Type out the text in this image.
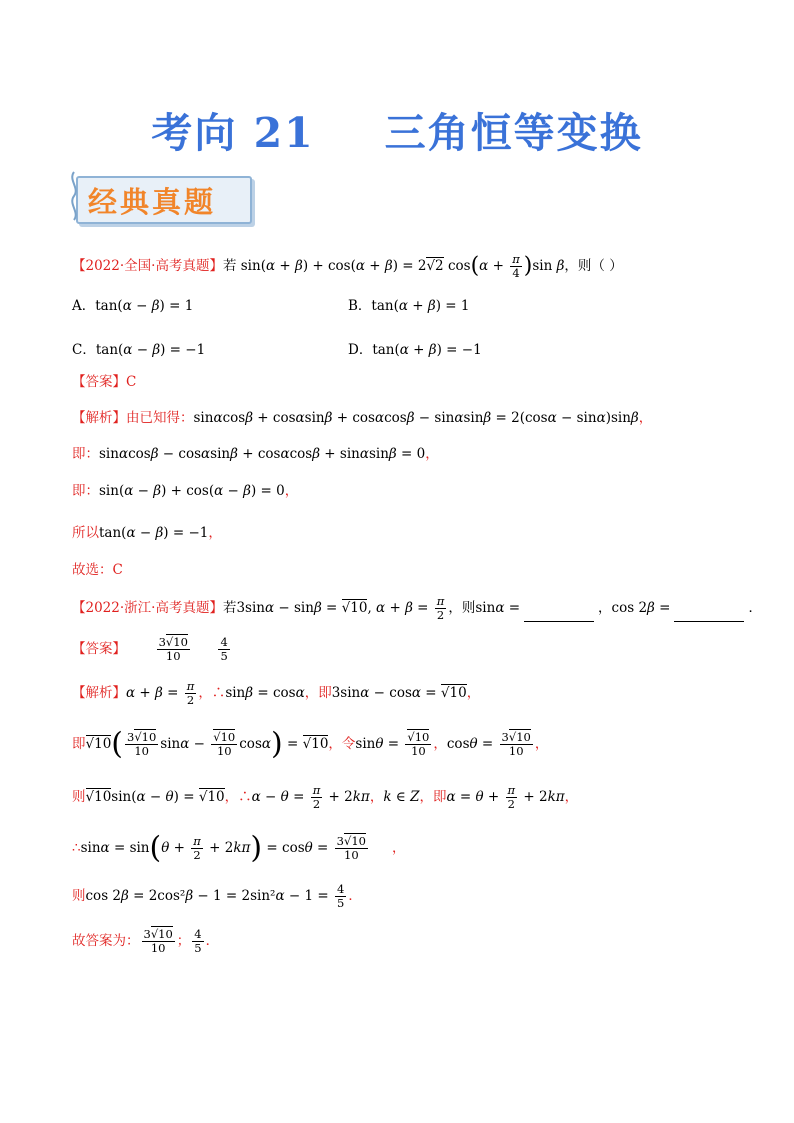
考向 21 三角恒等变换
经典真题
【2022·全国·高考真题】若 sin(α + β) + cos(α + β) = 2√2 $\cos(\alpha + \frac{\pi}{4} )\sin$ β，则（ ）
A．tan(α − β) = 1	B．tan(α + β) = 1
C．tan(α − β) = −1	D．tan(α + β) = −1
【答案】C
【解析】由已知得：sinαcosβ + cosαsinβ + cosαcosβ − sinαsinβ = 2(cosα − sinα)sinβ，
即：sinαcosβ − cosαsinβ + cosαcosβ + sinαsinβ = 0，
即：sin(α − β) + cos(α − β) = 0，
所以tan(α − β) = −1，
故选：C
【2022·浙江·高考真题】若3sinα − sinβ = √10, $\alpha + \beta = \frac{\pi}{2}$ ，则sinα =	，cos 2β =	．
【答案】	$\frac{3√10}{10}$
$\frac{4}{5}$
【解析】$\alpha + \beta = \frac{\pi}{2}$ ，∴sinβ = cosα，即3sinα − cosα = √10，
即$√10( \frac{3√10}{10}$ $\sin\alpha - \frac{√10}{10} \cos\alpha) = √10$，令$\sin\theta = \frac{√10}{10}$ ，$\cos\theta = \frac{3√10}{10}$ ，
则√10sin(α − θ) = √10，∴α − $\theta = \frac{\pi}{2} + 2k\pi$，k ∈ Z，即$\alpha = \theta + \frac{\pi}{2} + 2k\pi$，
∴sinα = $\sin(\theta + \frac{\pi}{2} + 2k\pi) = \cos\theta = \frac{3√10}{10}$ ，
则$\cos 2\beta = 2\cos^2\beta - 1 = 2\sin^2\alpha - 1 = \frac{4}{5}$ ．
故答案为： $\frac{3√10}{10}$ ； $\frac{4}{5}$ ．
